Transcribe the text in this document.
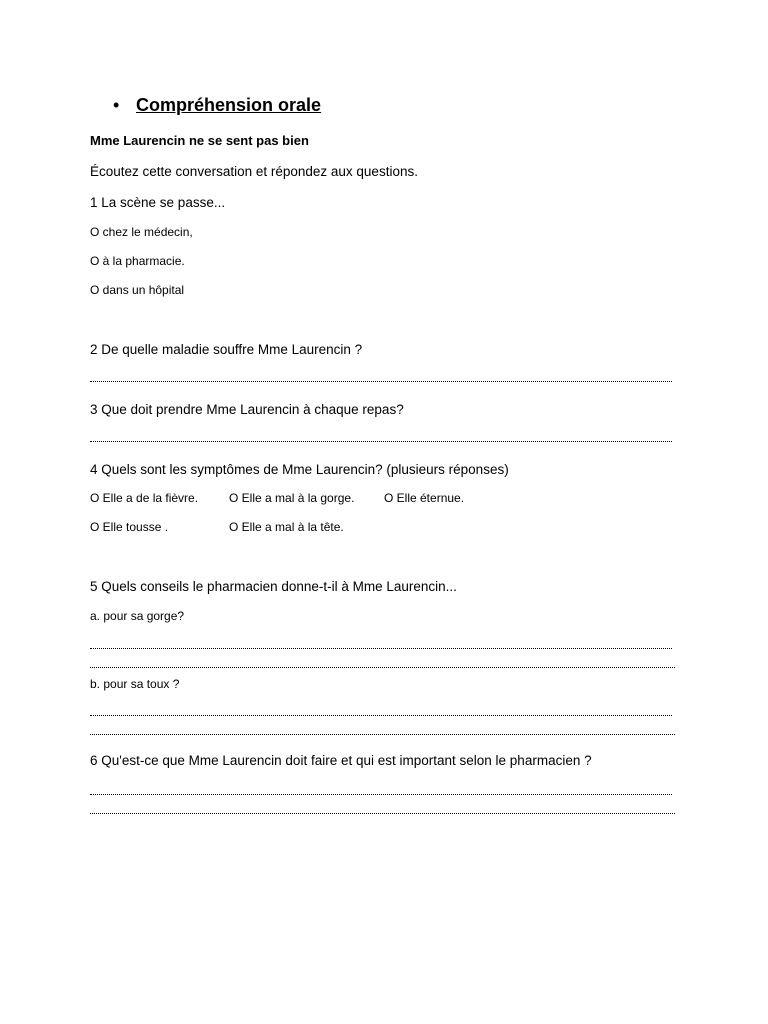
• Compréhension orale
Mme Laurencin ne se sent pas bien
Écoutez cette conversation et répondez aux questions.
1 La scène se passe...
O chez le médecin,
O à la pharmacie.
O dans un hôpital
2 De quelle maladie souffre Mme Laurencin ?
3 Que doit prendre Mme Laurencin à chaque repas?
4 Quels sont les symptômes de Mme Laurencin? (plusieurs réponses)
O Elle a de la fièvre.	O Elle a mal à la gorge. O Elle éternue.
O Elle tousse .	O Elle a mal à la tête.
5 Quels conseils le pharmacien donne-t-il à Mme Laurencin...
a. pour sa gorge?
b. pour sa toux ?
6 Qu'est-ce que Mme Laurencin doit faire et qui est important selon le pharmacien ?
